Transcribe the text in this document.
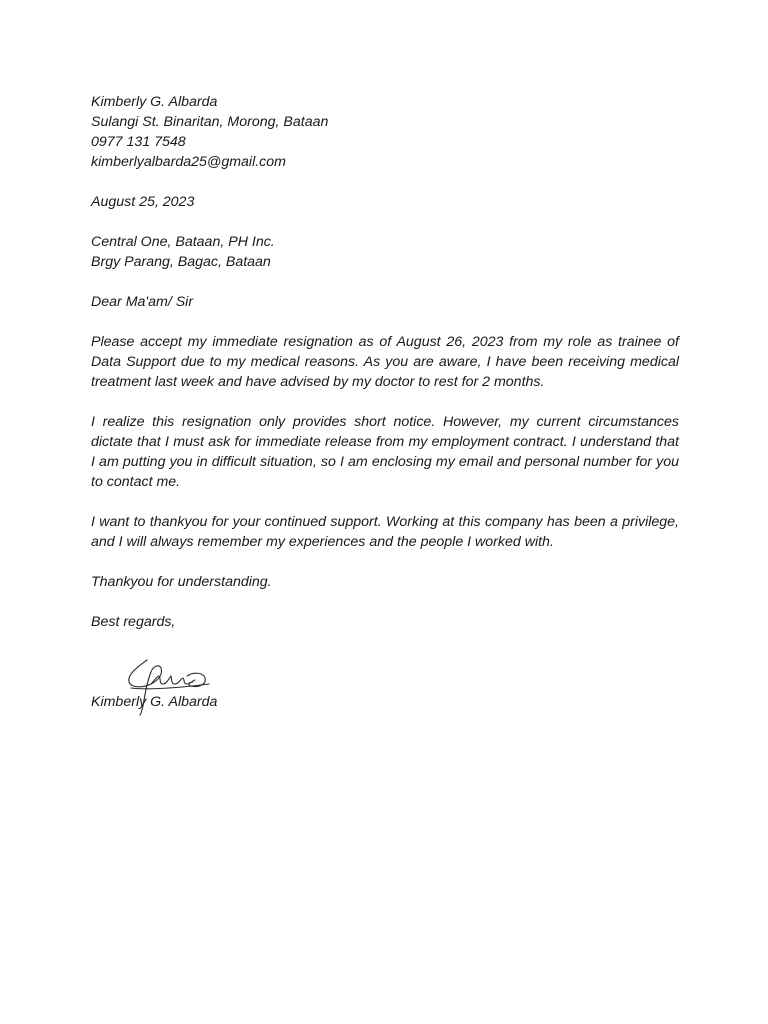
Kimberly G. Albarda
Sulangi St. Binaritan, Morong, Bataan
0977 131 7548
kimberlyalbarda25@gmail.com
August 25, 2023
Central One, Bataan, PH Inc.
Brgy Parang, Bagac, Bataan
Dear Ma'am/ Sir

Please accept my immediate resignation as of August 26, 2023 from my role as trainee of Data Support due to my medical reasons. As you are aware, I have been receiving medical treatment last week and have advised by my doctor to rest for 2 months.

I realize this resignation only provides short notice. However, my current circumstances dictate that I must ask for immediate release from my employment contract. I understand that I am putting you in difficult situation, so I am enclosing my email and personal number for you to contact me.

I want to thankyou for your continued support. Working at this company has been a privilege, and I will always remember my experiences and the people I worked with.

Thankyou for understanding.

Best regards,
Kimberly G. Albarda
